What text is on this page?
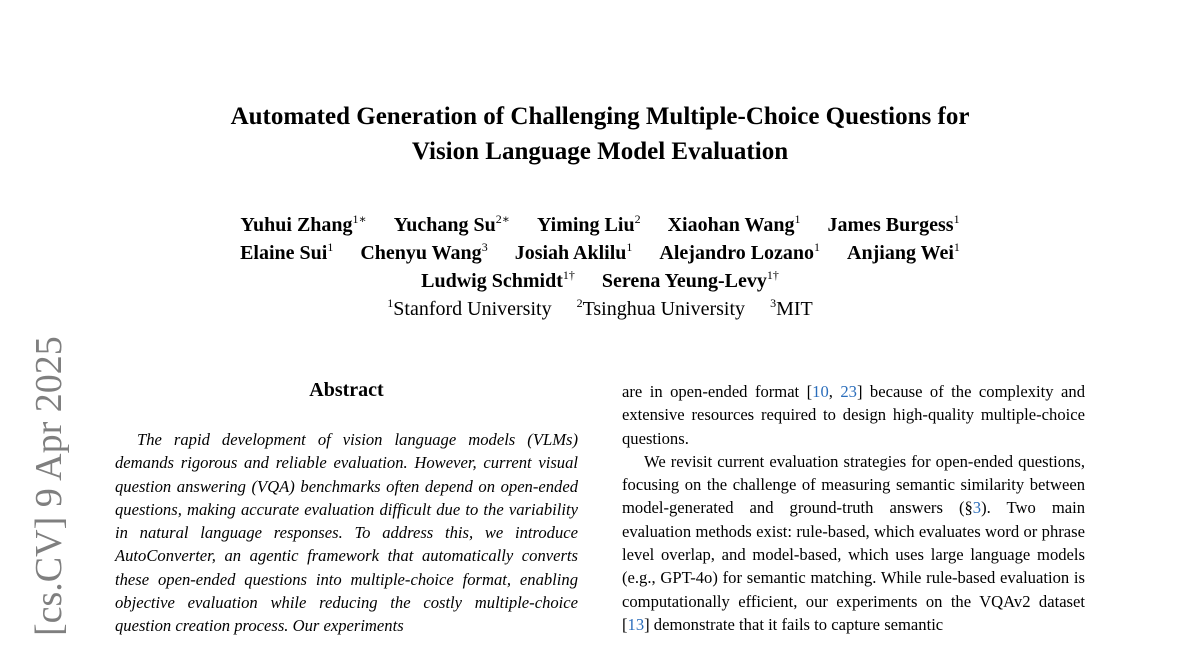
[cs.CV] 9 Apr 2025
Automated Generation of Challenging Multiple-Choice Questions for
Vision Language Model Evaluation
Yuhui Zhang$^{1∗}$ Yuchang $Su^{2∗}$ Yiming Liu$^2$ Xiaohan Wang$^1$ James Burgess$^1$
Elaine Sui$^1$ Chenyu Wang$^3$ Josiah Aklilu$^1$ Alejandro Lozano$^1$ Anjiang Wei$^1$
Ludwig Schmidt$^{1\dagger}$ Serena Yeung-Levy$^{1\dagger}$
$^1$Stanford University $^2$Tsinghua University $^3$MIT
Abstract

The rapid development of vision language models (VLMs) demands rigorous and reliable evaluation. However, current visual question answering (VQA) benchmarks often depend on open-ended questions, making accurate evaluation difficult due to the variability in natural language responses. To address this, we introduce AutoConverter, an agentic framework that automatically converts these open-ended questions into multiple-choice format, enabling objective evaluation while reducing the costly multiple-choice question creation process. Our experiments

are in open-ended format [10, 23] because of the complexity and extensive resources required to design high-quality multiple-choice questions.

We revisit current evaluation strategies for open-ended questions, focusing on the challenge of measuring semantic similarity between model-generated and ground-truth answers (§3). Two main evaluation methods exist: rule-based, which evaluates word or phrase level overlap, and model-based, which uses large language models (e.g., GPT-4o) for semantic matching. While rule-based evaluation is computationally efficient, our experiments on the VQAv2 dataset [13] demonstrate that it fails to capture semantic
